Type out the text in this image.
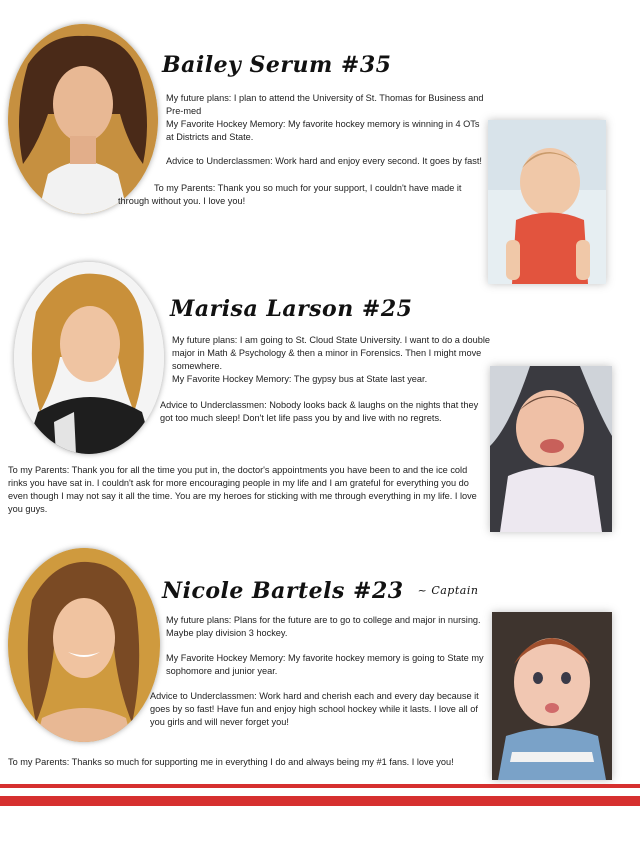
Bailey Serum #35
My future plans: I plan to attend the University of St. Thomas for Business and Pre-med
My Favorite Hockey Memory: My favorite hockey memory is winning in 4 OTs at Districts and State.
Advice to Underclassmen: Work hard and enjoy every second. It goes by fast!
To my Parents: Thank you so much for your support, I couldn't have made it through without you. I love you!
Marisa Larson #25
My future plans: I am going to St. Cloud State University. I want to do a double major in Math & Psychology & then a minor in Forensics. Then I might move somewhere.
My Favorite Hockey Memory: The gypsy bus at State last year.
Advice to Underclassmen: Nobody looks back & laughs on the nights that they got too much sleep! Don't let life pass you by and live with no regrets.
To my Parents: Thank you for all the time you put in, the doctor's appointments you have been to and the ice cold rinks you have sat in. I couldn't ask for more encouraging people in my life and I am grateful for everything you do even though I may not say it all the time. You are my heroes for sticking with me through everything in my life. I love you guys.
Nicole Bartels #23 ~ Captain
My future plans: Plans for the future are to go to college and major in nursing. Maybe play division 3 hockey.
My Favorite Hockey Memory: My favorite hockey memory is going to State my sophomore and junior year.
Advice to Underclassmen: Work hard and cherish each and every day because it goes by so fast! Have fun and enjoy high school hockey while it lasts. I love all of you girls and will never forget you!
To my Parents: Thanks so much for supporting me in everything I do and always being my #1 fans. I love you!
